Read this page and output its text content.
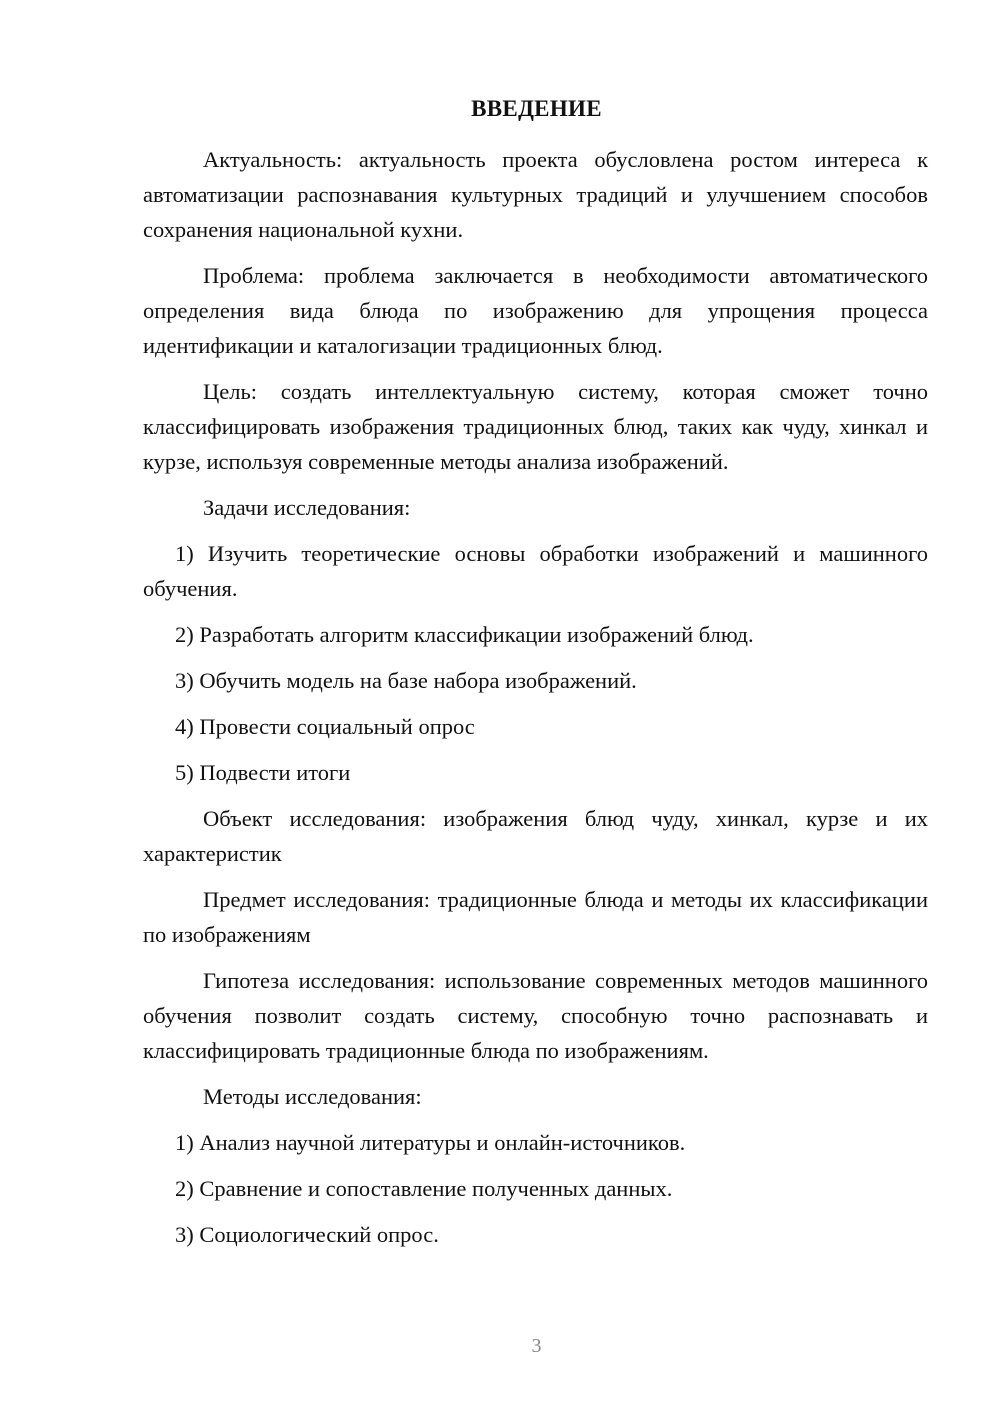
ВВЕДЕНИЕ

Актуальность: актуальность проекта обусловлена ростом интереса к автоматизации распознавания культурных традиций и улучшением способов сохранения национальной кухни.

Проблема: проблема заключается в необходимости автоматического определения вида блюда по изображению для упрощения процесса идентификации и каталогизации традиционных блюд.

Цель: создать интеллектуальную систему, которая сможет точно классифицировать изображения традиционных блюд, таких как чуду, хинкал и курзе, используя современные методы анализа изображений.

Задачи исследования:

1) Изучить теоретические основы обработки изображений и машинного обучения.

2) Разработать алгоритм классификации изображений блюд.

3) Обучить модель на базе набора изображений.

4) Провести социальный опрос

5) Подвести итоги

Объект исследования: изображения блюд чуду, хинкал, курзе и их характеристик

Предмет исследования: традиционные блюда и методы их классификации по изображениям

Гипотеза исследования: использование современных методов машинного обучения позволит создать систему, способную точно распознавать и классифицировать традиционные блюда по изображениям.

Методы исследования:

1) Анализ научной литературы и онлайн-источников.

2) Сравнение и сопоставление полученных данных.

3) Социологический опрос.

3
